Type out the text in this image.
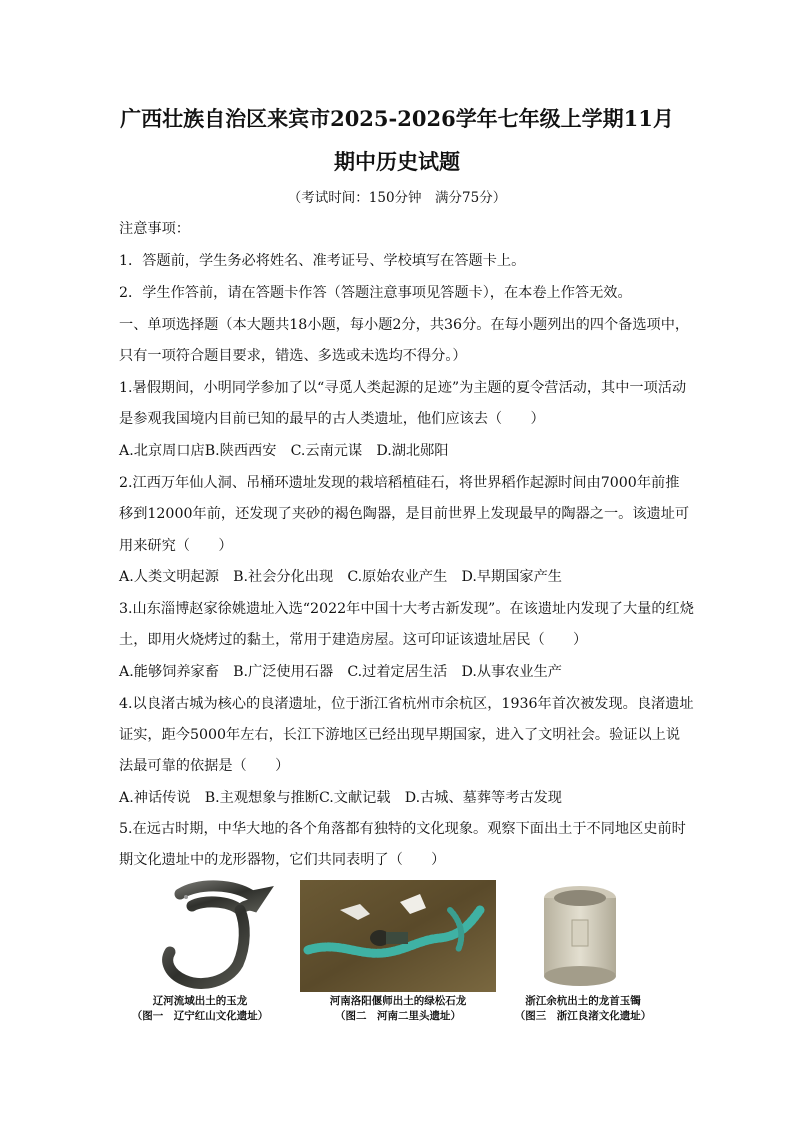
广西壮族自治区来宾市2025-2026学年七年级上学期11月
期中历史试题
（考试时间：150分钟　满分75分）
注意事项：
1．答题前，学生务必将姓名、准考证号、学校填写在答题卡上。
2．学生作答前，请在答题卡作答（答题注意事项见答题卡），在本卷上作答无效。
一、单项选择题（本大题共18小题，每小题2分，共36分。在每小题列出的四个备选项中，
只有一项符合题目要求，错选、多选或未选均不得分。）
1.暑假期间，小明同学参加了以“寻觅人类起源的足迹”为主题的夏令营活动，其中一项活动
是参观我国境内目前已知的最早的古人类遗址，他们应该去（　　）
A.北京周口店B.陕西西安　C.云南元谋　D.湖北郧阳
2.江西万年仙人洞、吊桶环遗址发现的栽培稻植硅石，将世界稻作起源时间由7000年前推
移到12000年前，还发现了夹砂的褐色陶器，是目前世界上发现最早的陶器之一。该遗址可
用来研究（　　）
A.人类文明起源　B.社会分化出现　C.原始农业产生　D.早期国家产生
3.山东淄博赵家徐姚遗址入选“2022年中国十大考古新发现”。在该遗址内发现了大量的红烧
土，即用火烧烤过的黏土，常用于建造房屋。这可印证该遗址居民（　　）
A.能够饲养家畜　B.广泛使用石器　C.过着定居生活　D.从事农业生产
4.以良渚古城为核心的良渚遗址，位于浙江省杭州市余杭区，1936年首次被发现。良渚遗址
证实，距今5000年左右，长江下游地区已经出现早期国家，进入了文明社会。验证以上说
法最可靠的依据是（　　）
A.神话传说　B.主观想象与推断C.文献记载　D.古城、墓葬等考古发现
5.在远古时期，中华大地的各个角落都有独特的文化现象。观察下面出土于不同地区史前时
期文化遗址中的龙形器物，它们共同表明了（　　）
辽河流域出土的玉龙
（图一　辽宁红山文化遗址）
河南洛阳偃师出土的绿松石龙
（图二　河南二里头遗址）
浙江余杭出土的龙首玉镯
（图三　浙江良渚文化遗址）
